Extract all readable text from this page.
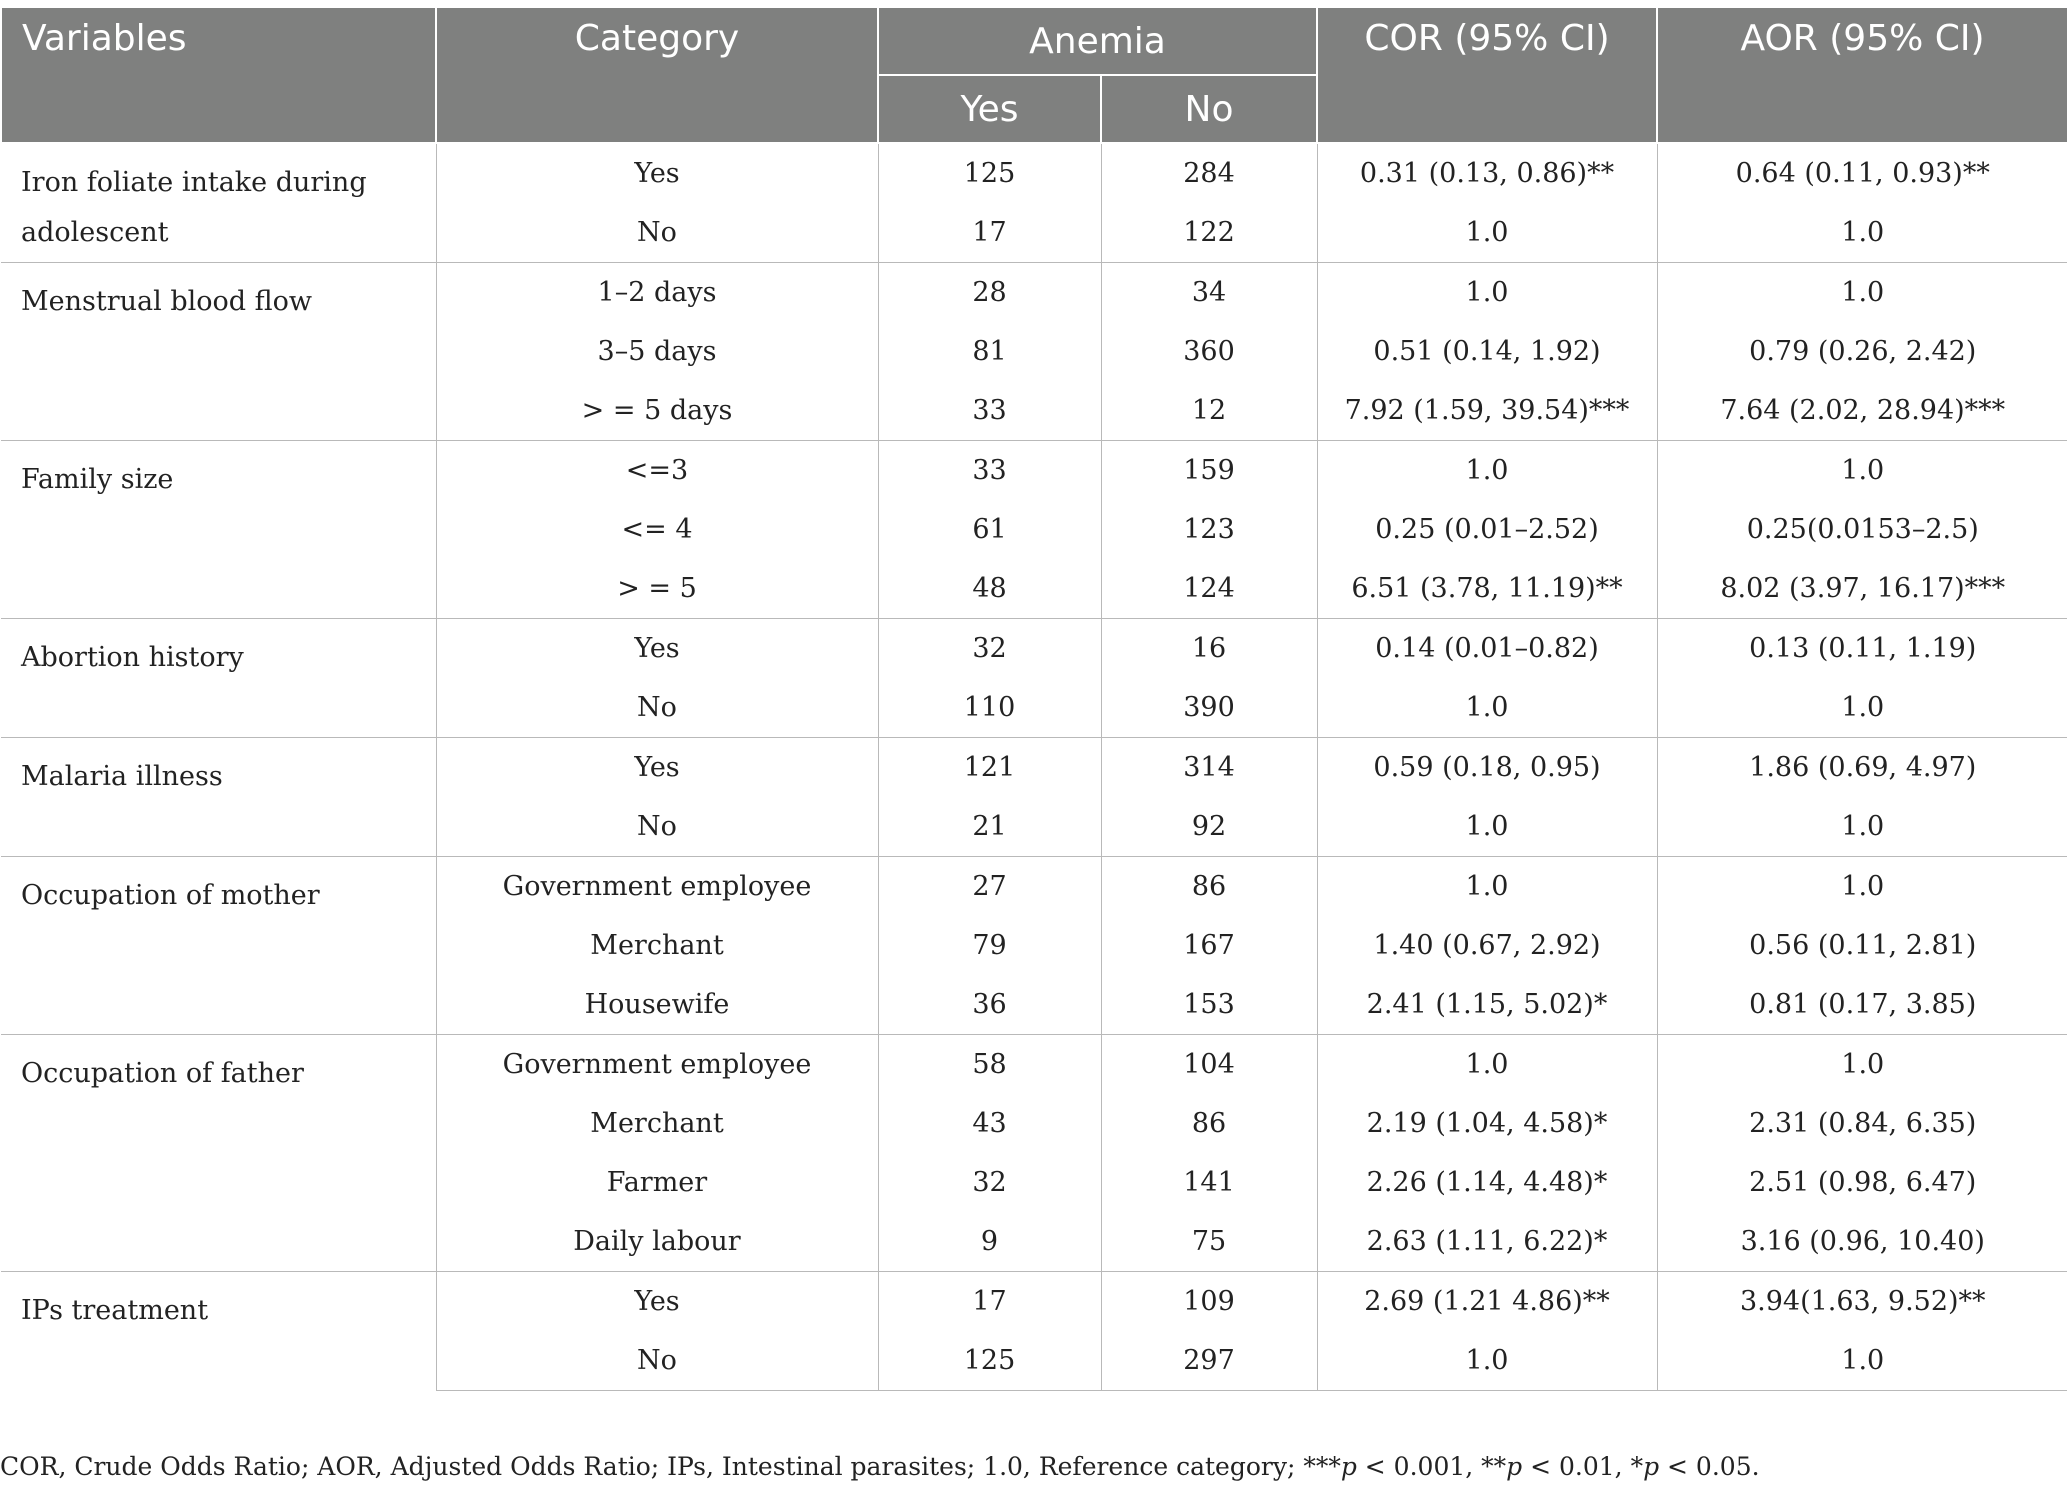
Variables	Category	Anemia		COR (95% CI)	AOR (95% CI)
		Yes	No		
Iron foliate intake during adolescent	Yes	125	284	0.31 (0.13, 0.86)**	0.64 (0.11, 0.93)**
	No	17	122	1.0	1.0
Menstrual blood flow	1–2 days	28	34	1.0	1.0
	3–5 days	81	360	0.51 (0.14, 1.92)	0.79 (0.26, 2.42)
	> = 5 days	33	12	7.92 (1.59, 39.54)***	7.64 (2.02, 28.94)***
Family size	<=3	33	159	1.0	1.0
	<= 4	61	123	0.25 (0.01–2.52)	0.25(0.0153–2.5)
	> = 5	48	124	6.51 (3.78, 11.19)**	8.02 (3.97, 16.17)***
Abortion history	Yes	32	16	0.14 (0.01–0.82)	0.13 (0.11, 1.19)
	No	110	390	1.0	1.0
Malaria illness	Yes	121	314	0.59 (0.18, 0.95)	1.86 (0.69, 4.97)
	No	21	92	1.0	1.0
Occupation of mother	Government employee	27	86	1.0	1.0
	Merchant	79	167	1.40 (0.67, 2.92)	0.56 (0.11, 2.81)
	Housewife	36	153	2.41 (1.15, 5.02)*	0.81 (0.17, 3.85)
Occupation of father	Government employee	58	104	1.0	1.0
	Merchant	43	86	2.19 (1.04, 4.58)*	2.31 (0.84, 6.35)
	Farmer	32	141	2.26 (1.14, 4.48)*	2.51 (0.98, 6.47)
	Daily labour	9	75	2.63 (1.11, 6.22)*	3.16 (0.96, 10.40)
IPs treatment	Yes	17	109	2.69 (1.21 4.86)**	3.94(1.63, 9.52)**
	No	125	297	1.0	1.0
COR, Crude Odds Ratio; AOR, Adjusted Odds Ratio; IPs, Intestinal parasites; 1.0, Reference category; ***p < 0.001, **p < 0.01, *p < 0.05.
